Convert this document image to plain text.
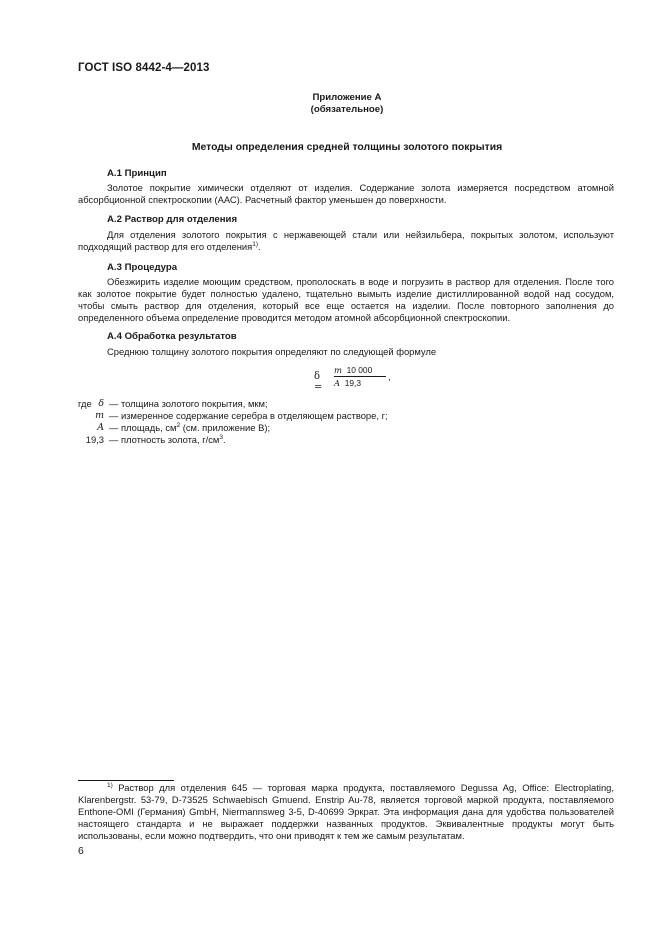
ГОСТ ISO 8442-4—2013
Приложение А
(обязательное)
Методы определения средней толщины золотого покрытия
А.1 Принцип
Золотое покрытие химически отделяют от изделия. Содержание золота измеряется посредством атомной абсорбционной спектроскопии (ААС). Расчетный фактор уменьшен до поверхности.
А.2 Раствор для отделения
Для отделения золотого покрытия с нержавеющей стали или нейзильбера, покрытых золотом, используют подходящий раствор для его отделения$^{1)}$.
А.3 Процедура
Обезжирить изделие моющим средством, прополоскать в воде и погрузить в раствор для отделения. После того как золотое покрытие будет полностью удалено, тщательно вымыть изделие дистиллированной водой над сосудом, чтобы смыть раствор для отделения, который все еще остается на изделии. После повторного заполнения до определенного объема определение проводится методом атомной абсорбционной спектроскопии.
А.4 Обработка результатов
Среднюю толщину золотого покрытия определяют по следующей формуле
δ =
m 10 000
A 19,3
,
где δ — толщина золотого покрытия, мкм;
m — измеренное содержание серебра в отделяющем растворе, г;
A — площадь, $см^2$ (см. приложение В);
19,3 — плотность золота, $г/см^3$.
$^{1)}$ Раствор для отделения 645 — торговая марка продукта, поставляемого Degussa Ag, Office: Electroplating, Klarenbergstr. 53-79, D-73525 Schwaebisch Gmuend. Enstrip Au-78, является торговой маркой продукта, поставляемого Enthone-OMI (Германия) GmbH, Niermannsweg 3-5, D-40699 Эркрат. Эта информация дана для удобства пользователей настоящего стандарта и не выражает поддержки названных продуктов. Эквивалентные продукты могут быть использованы, если можно подтвердить, что они приводят к тем же самым результатам.
6
